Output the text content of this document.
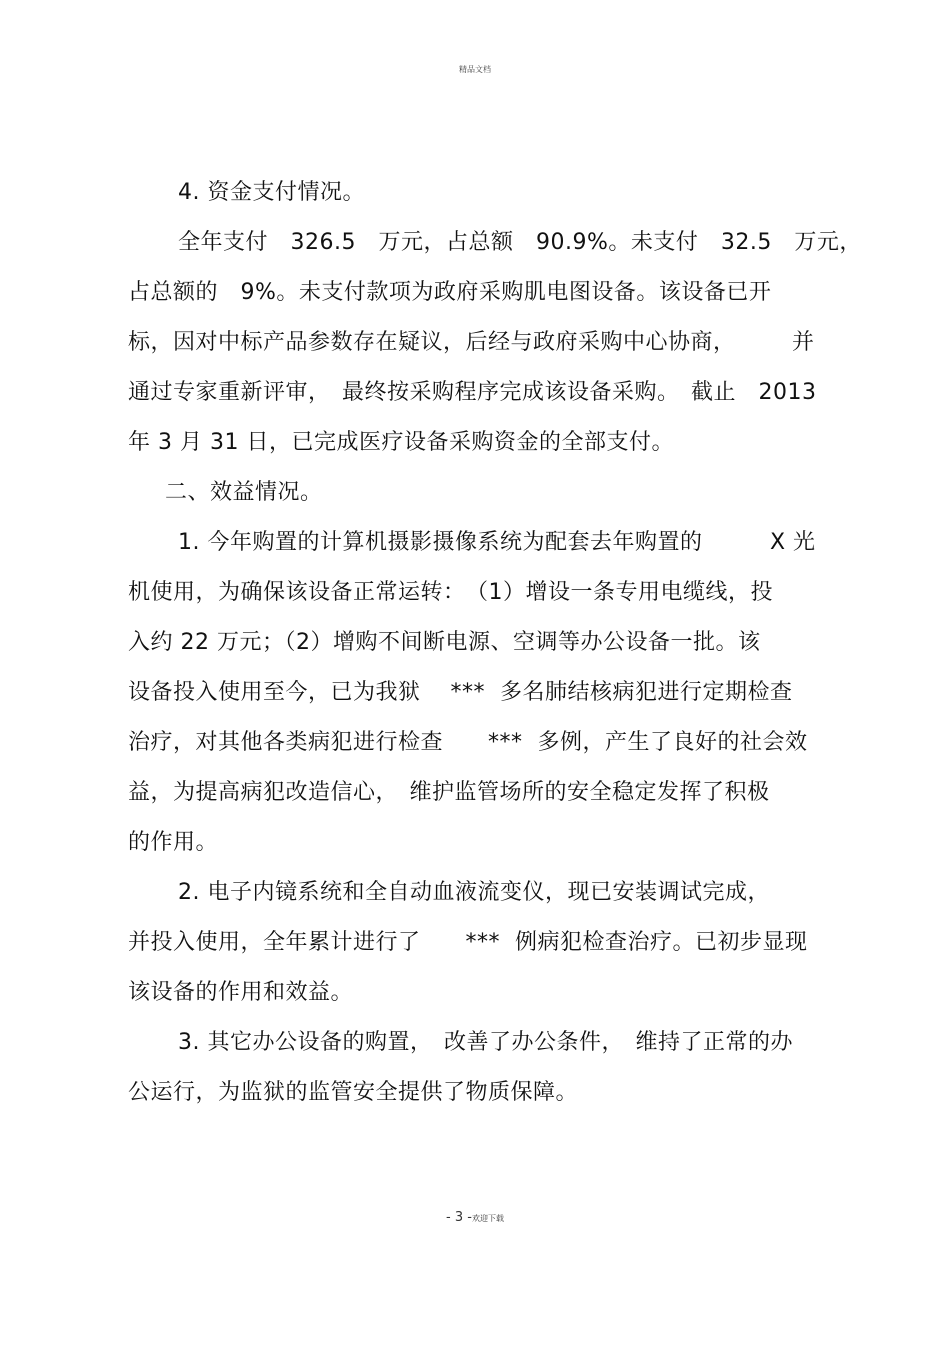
精品文档
4. 资金支付情况。
全年支付　326.5　万元，占总额　90.9%。未支付　32.5　万元，
占总额的　9%。未支付款项为政府采购肌电图设备。该设备已开
标，因对中标产品参数存在疑议，后经与政府采购中心协商，　　　并
通过专家重新评审，　最终按采购程序完成该设备采购。　截止　2013
年 3 月 31 日，已完成医疗设备采购资金的全部支付。
二、效益情况。
1. 今年购置的计算机摄影摄像系统为配套去年购置的　　　X 光
机使用，为确保该设备正常运转：　（1）增设一条专用电缆线，投
入约 22 万元；（2）增购不间断电源、空调等办公设备一批。该
设备投入使用至今，已为我狱　 ***  多名肺结核病犯进行定期检查
治疗，对其他各类病犯进行检查　　***  多例，产生了良好的社会效
益，为提高病犯改造信心，　维护监管场所的安全稳定发挥了积极
的作用。
2. 电子内镜系统和全自动血液流变仪，现已安装调试完成，
并投入使用，全年累计进行了　　***  例病犯检查治疗。已初步显现
该设备的作用和效益。
3. 其它办公设备的购置，　改善了办公条件，　维持了正常的办
公运行，为监狱的监管安全提供了物质保障。
- 3 -欢迎下载
